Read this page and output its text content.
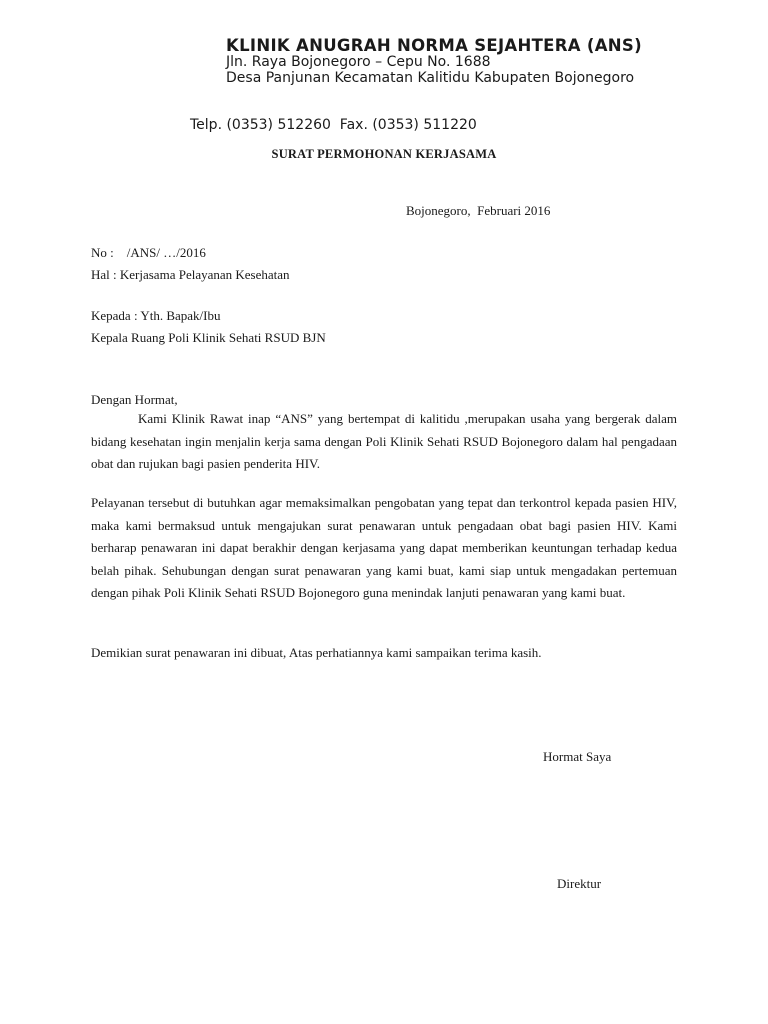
KLINIK ANUGRAH NORMA SEJAHTERA (ANS)
Jln. Raya Bojonegoro – Cepu No. 1688
Desa Panjunan Kecamatan Kalitidu Kabupaten Bojonegoro
Telp. (0353) 512260  Fax. (0353) 511220
SURAT PERMOHONAN KERJASAMA
Bojonegoro,  Februari 2016
No :    /ANS/ …/2016
Hal : Kerjasama Pelayanan Kesehatan
Kepada : Yth. Bapak/Ibu
Kepala Ruang Poli Klinik Sehati RSUD BJN
Dengan Hormat,

Kami Klinik Rawat inap “ANS” yang bertempat di kalitidu ,merupakan usaha yang bergerak dalam bidang kesehatan ingin menjalin kerja sama dengan Poli Klinik Sehati RSUD Bojonegoro dalam hal pengadaan obat dan rujukan bagi pasien penderita HIV.

Pelayanan tersebut di butuhkan agar memaksimalkan pengobatan yang tepat dan terkontrol kepada pasien HIV, maka kami bermaksud untuk mengajukan surat penawaran untuk pengadaan obat bagi pasien HIV. Kami berharap penawaran ini dapat berakhir dengan kerjasama yang dapat memberikan keuntungan terhadap kedua belah pihak. Sehubungan dengan surat penawaran yang kami buat, kami siap untuk mengadakan pertemuan dengan pihak Poli Klinik Sehati RSUD Bojonegoro guna menindak lanjuti penawaran yang kami buat.

Demikian surat penawaran ini dibuat, Atas perhatiannya kami sampaikan terima kasih.
Hormat Saya
Direktur
